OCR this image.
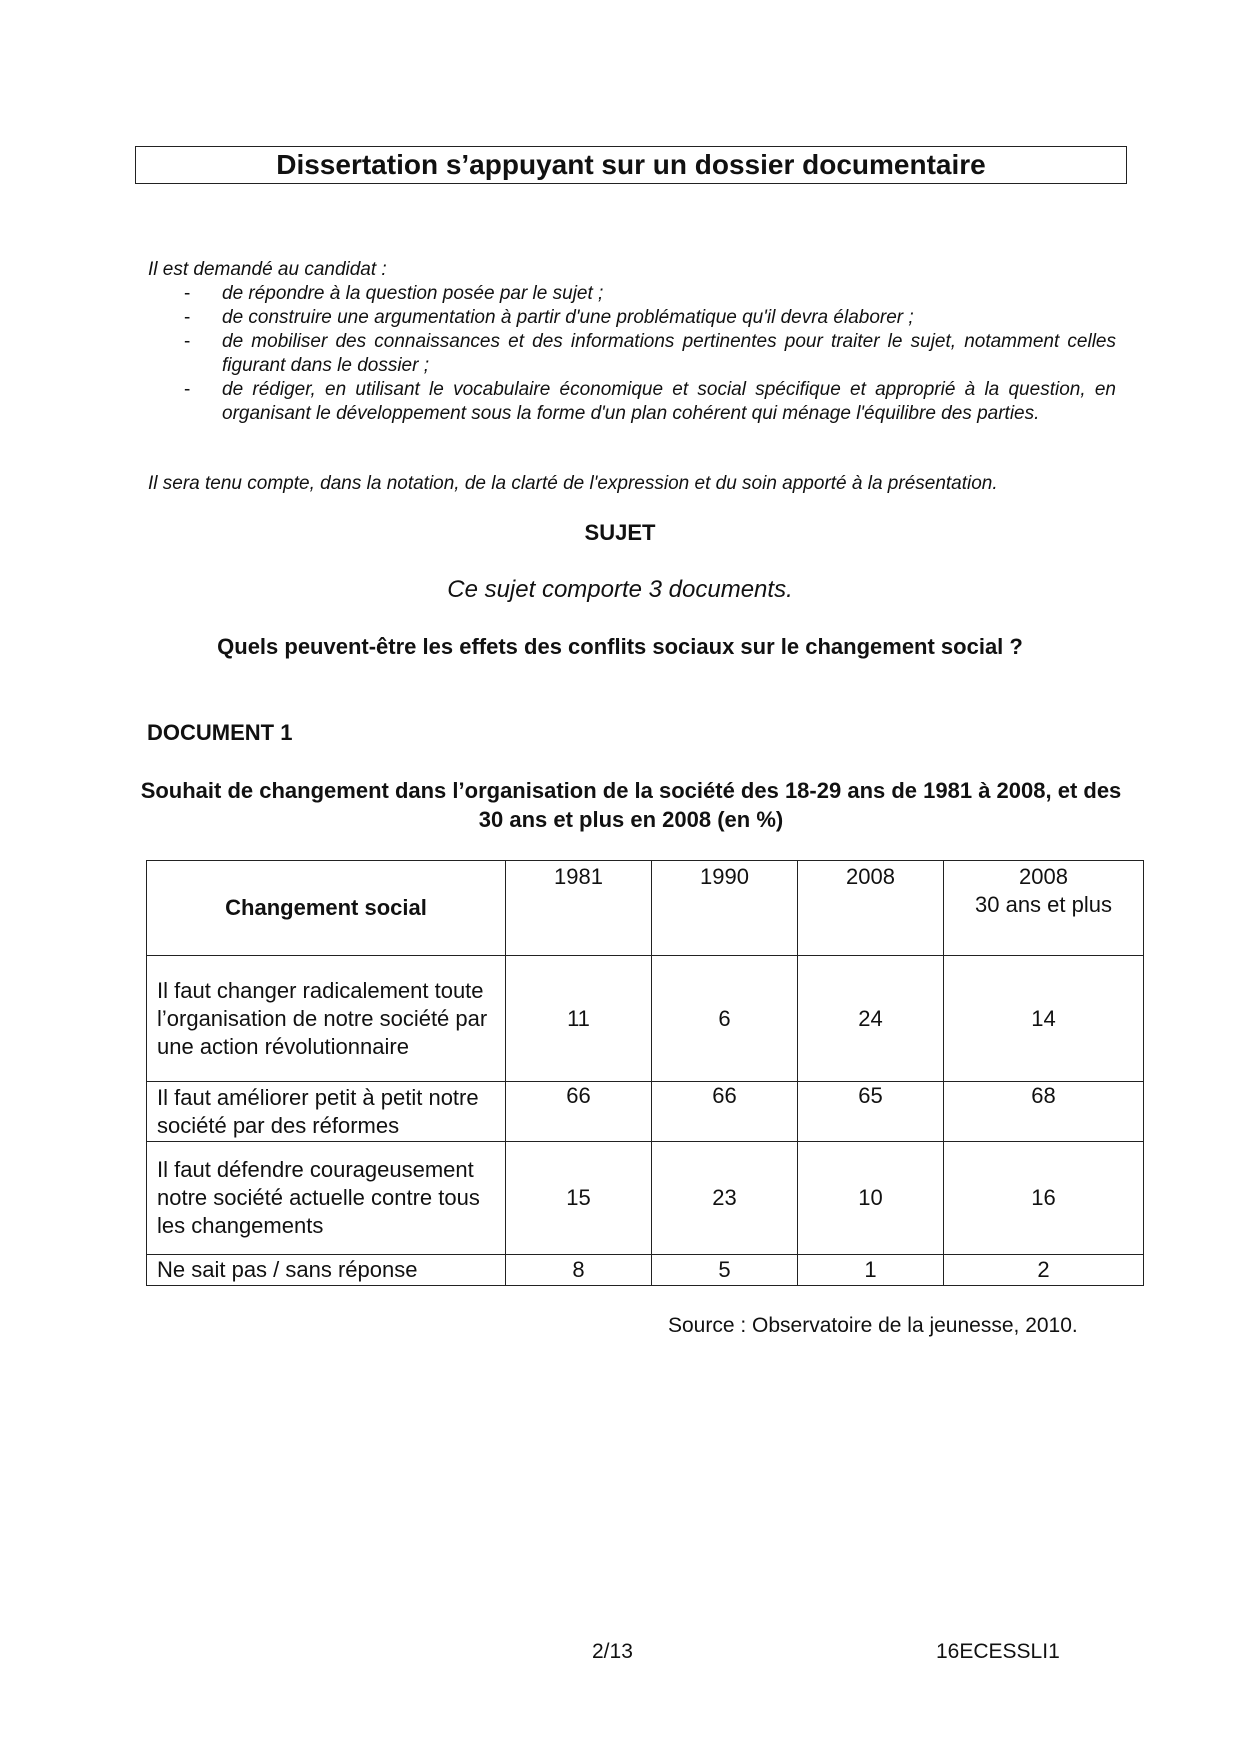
Dissertation s’appuyant sur un dossier documentaire

Il est demandé au candidat :

- de répondre à la question posée par le sujet ;
- de construire une argumentation à partir d'une problématique qu'il devra élaborer ;
- de mobiliser des connaissances et des informations pertinentes pour traiter le sujet, notamment celles figurant dans le dossier ;
- de rédiger, en utilisant le vocabulaire économique et social spécifique et approprié à la question, en organisant le développement sous la forme d'un plan cohérent qui ménage l'équilibre des parties.
Il sera tenu compte, dans la notation, de la clarté de l'expression et du soin apporté à la présentation.
SUJET
Ce sujet comporte 3 documents.
Quels peuvent-être les effets des conflits sociaux sur le changement social ?
DOCUMENT 1
Souhait de changement dans l’organisation de la société des 18-29 ans de 1981 à 2008, et des 30 ans et plus en 2008 (en %)
Changement social	1981	1990	2008	2008
30 ans et plus

Il faut changer radicalement toute l’organisation de notre société par une action révolutionnaire	11	6	24	14
Il faut améliorer petit à petit notre société par des réformes	66	66	65	68
Il faut défendre courageusement notre société actuelle contre tous les changements	15	23	10	16
Ne sait pas / sans réponse	8	5	1	2
Source : Observatoire de la jeunesse, 2010.
2/13	16ECESSLI1
